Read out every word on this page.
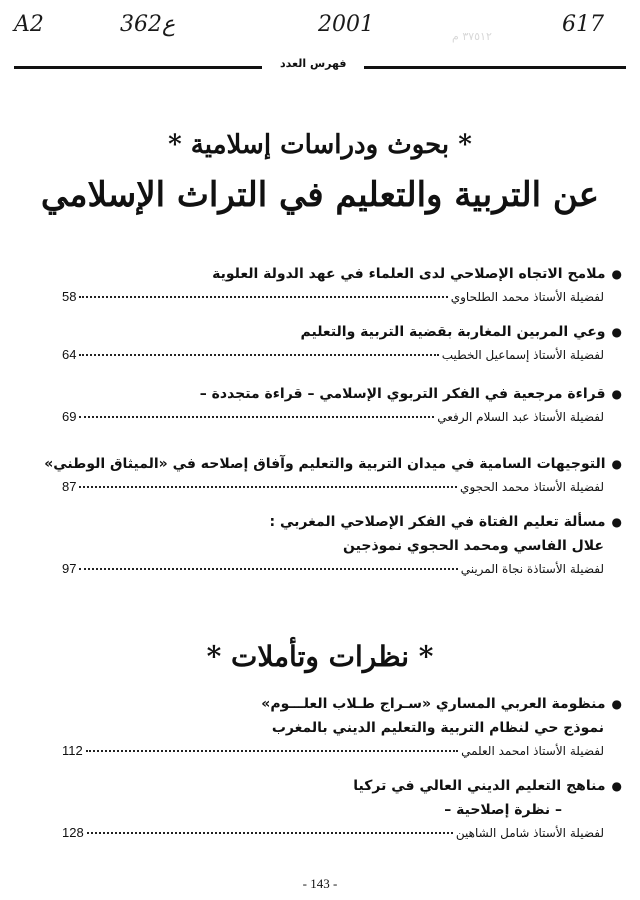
A2	362ع	2001	617
٣٧٥١٢ م
فهرس العدد
* بحوث ودراسات إسلامية *
عن التربية والتعليم في التراث الإسلامي
● ملامح الاتجاه الإصلاحي لدى العلماء في عهد الدولة العلوية
لفضيلة الأستاذ محمد الطلحاوي
58
● وعي المربين المغاربة بقضية التربية والتعليم
لفضيلة الأستاذ إسماعيل الخطيب
64
● قراءة مرجعية في الفكر التربوي الإسلامي – قراءة متجددة –
لفضيلة الأستاذ عبد السلام الرفعي
69
● التوجيهات السامية في ميدان التربية والتعليم وآفاق إصلاحه في «الميثاق الوطني»
لفضيلة الأستاذ محمد الحجوي
87
● مسألة تعليم الفتاة في الفكر الإصلاحي المغربي :
علال الفاسي ومحمد الحجوي نموذجين
لفضيلة الأستاذة نجاة المريني
97
* نظرات وتأملات *
● منظومة العربي المساري «سـراج طـلاب العلـــوم»
نموذج حي لنظام التربية والتعليم الديني بالمغرب
لفضيلة الأستاذ امحمد العلمي
112
● مناهج التعليم الديني العالي في تركيا
– نظرة إصلاحية –
لفضيلة الأستاذ شامل الشاهين
128
- 143 -
